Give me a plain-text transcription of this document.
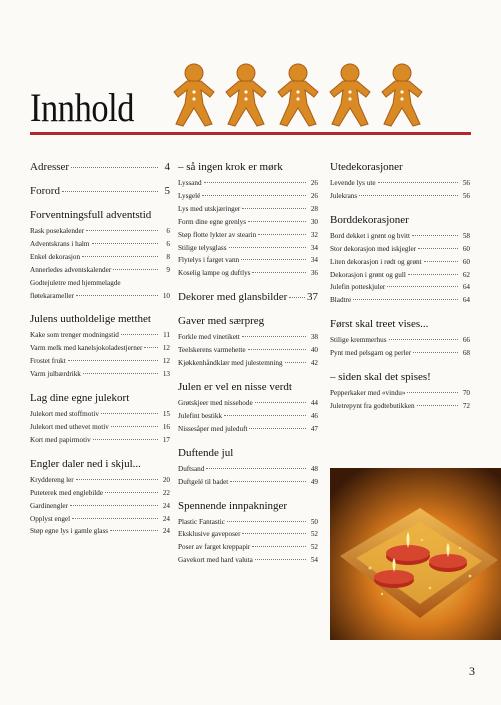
Innhold
Adresser	4
Forord	5
Forventningsfull adventstid
Rask posekalender	6
Adventskrans i halm	6
Enkel dekorasjon	8
Annerledes adventskalender	9
Godtejuletre med hjemmelagde
fløtekarameller	10
Julens uutholdelige metthet
Kake som trenger modningstid	11
Varm melk med kanelsjokoladestjerner	12
Frostet frukt	12
Varm julbærdrikk	13
Lag dine egne julekort
Julekort med stoffmotiv	15
Julekort med uthevet motiv	16
Kort med papirmotiv	17
Engler daler ned i skjul...
Kryddereng ler	20
Puteterek med englebilde	22
Gardinengler	24
Opplyst engel	24
Støp egne lys i gamle glass	24
– så ingen krok er mørk
Lyssand	26
Lysgelé	26
Lys med utskjæringer	28
Form dine egne grenlys	30
Støp flotte lykter av stearin	32
Stilige telysglass	34
Flytelys i farget vann	34
Koselig lampe og duftlys	36
Dekorer med glansbilder 37
Gaver med særpreg
Forkle med vinetikett	38
Teelskerens varmehette	40
Kjøkkenhåndklær med julestemning	42
Julen er vel en nisse verdt
Grøtskjeer med nissehode	44
Julefint bestikk	46
Nissesåper med juleduft	47
Duftende jul
Duftsand	48
Duftgelé til badet	49
Spennende innpakninger
Plastic Fantastic	50
Eksklusive gaveposer	52
Poser av farget kreppapir	52
Gavekort med hard valuta	54
Utedekorasjoner
Levende lys ute	56
Julekrans	56
Borddekorasjoner
Bord dekket i grønt og hvitt	58
Stor dekorasjon med iskjegler	60
Liten dekorasjon i rødt og grønt	60
Dekorasjon i grønt og gull	62
Julefin potteskjuler	64
Bladtre	64
Først skal treet vises...
Stilige kremmerhus	66
Pynt med pelsgarn og perler	68
– siden skal det spises!
Pepperkaker med «vindu»	70
Juletrepynt fra godtebutikken	72
3
